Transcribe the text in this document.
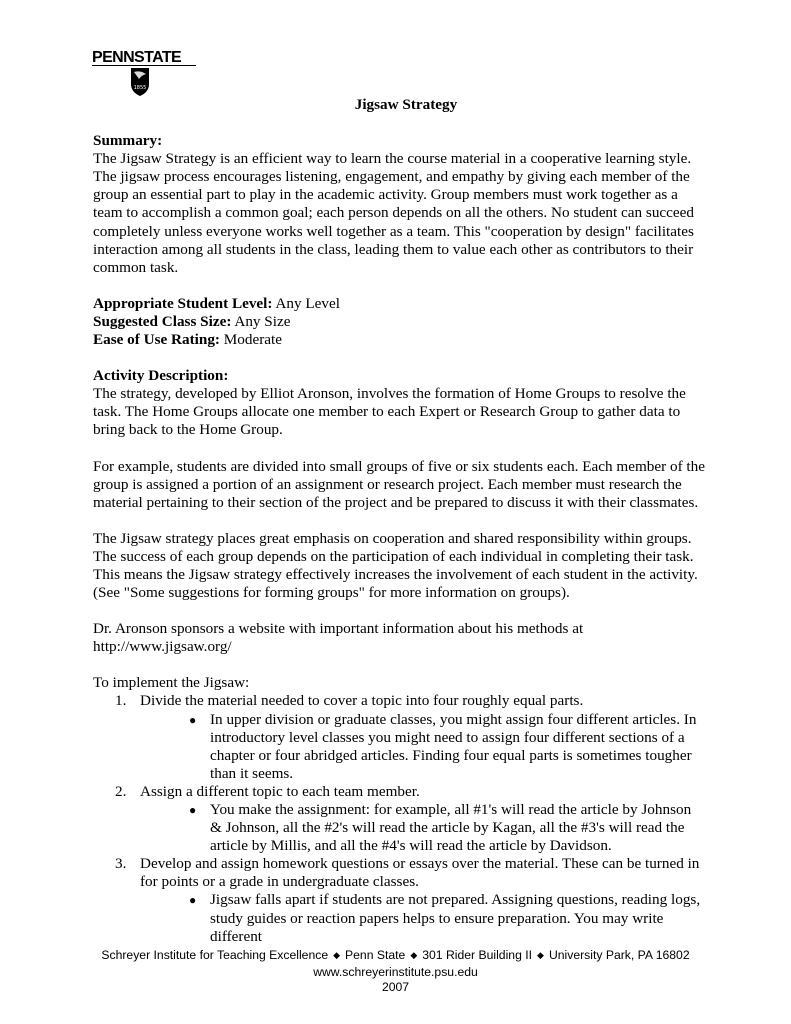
PENNSTATE
1855
Jigsaw Strategy

Summary:

The Jigsaw Strategy is an efficient way to learn the course material in a cooperative learning style. The jigsaw process encourages listening, engagement, and empathy by giving each member of the group an essential part to play in the academic activity. Group members must work together as a team to accomplish a common goal; each person depends on all the others. No student can succeed completely unless everyone works well together as a team. This "cooperation by design" facilitates interaction among all students in the class, leading them to value each other as contributors to their common task.

Appropriate Student Level: Any Level

Suggested Class Size: Any Size

Ease of Use Rating: Moderate

Activity Description:

The strategy, developed by Elliot Aronson, involves the formation of Home Groups to resolve the task. The Home Groups allocate one member to each Expert or Research Group to gather data to bring back to the Home Group.

For example, students are divided into small groups of five or six students each. Each member of the group is assigned a portion of an assignment or research project. Each member must research the material pertaining to their section of the project and be prepared to discuss it with their classmates.

The Jigsaw strategy places great emphasis on cooperation and shared responsibility within groups. The success of each group depends on the participation of each individual in completing their task. This means the Jigsaw strategy effectively increases the involvement of each student in the activity. (See "Some suggestions for forming groups" for more information on groups).

Dr. Aronson sponsors a website with important information about his methods at

http://www.jigsaw.org/

To implement the Jigsaw:

1. Divide the material needed to cover a topic into four roughly equal parts.
● In upper division or graduate classes, you might assign four different articles. In introductory level classes you might need to assign four different sections of a chapter or four abridged articles. Finding four equal parts is sometimes tougher than it seems.
2. Assign a different topic to each team member.
● You make the assignment: for example, all #1's will read the article by Johnson & Johnson, all the #2's will read the article by Kagan, all the #3's will read the article by Millis, and all the #4's will read the article by Davidson.
3. Develop and assign homework questions or essays over the material. These can be turned in for points or a grade in undergraduate classes.
● Jigsaw falls apart if students are not prepared. Assigning questions, reading logs, study guides or reaction papers helps to ensure preparation. You may write different
Schreyer Institute for Teaching Excellence ◆ Penn State ◆ 301 Rider Building II ◆ University Park, PA 16802
www.schreyerinstitute.psu.edu
2007
